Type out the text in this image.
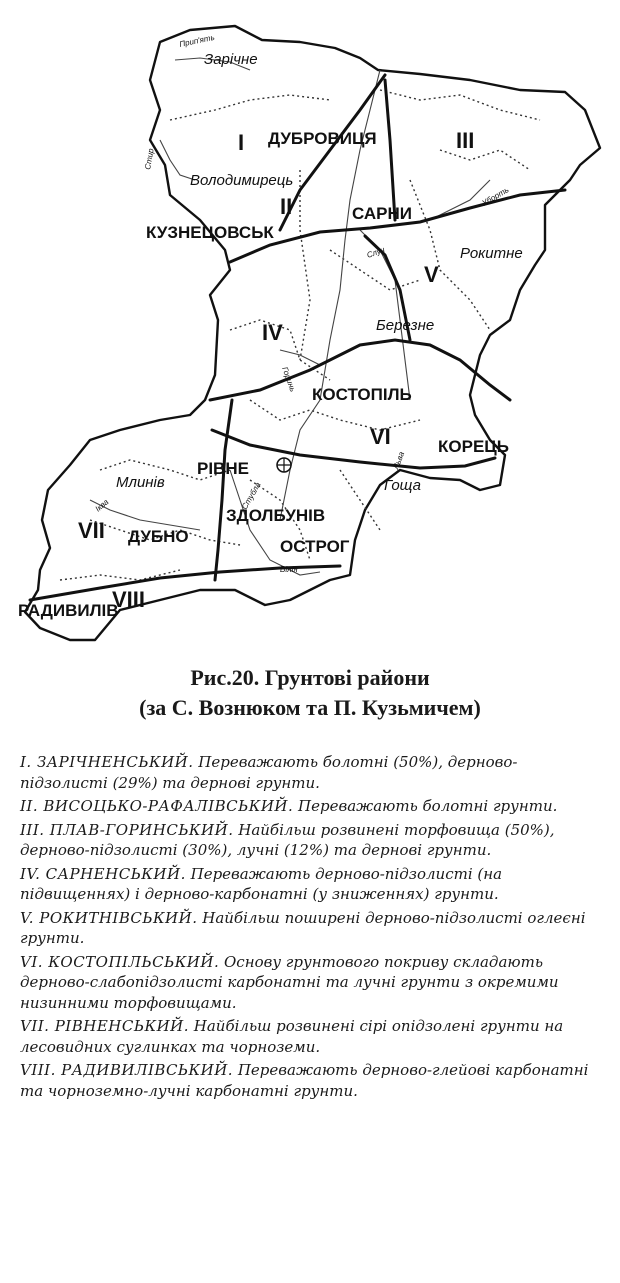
ДУБРОВИЦЯ
КУЗНЕЦОВСЬК
САРНИ
КОСТОПІЛЬ
КОРЕЦЬ
РІВНЕ
ЗДОЛБУНІВ
ОСТРОГ
ДУБНО
РАДИВИЛІВ
Зарічне
Володимирець
Рокитне
Березне
Гоща
Млинів
I
II
III
IV
V
VI
VII
VIII
Прип'ять
Горинь
Случ
Стир
Іква
Вілія
Уборть
Стубла
Львa
Рис.20. Грунтові райони
(за С. Вознюком та П. Кузьмичем)

I. ЗАРІЧНЕНСЬКИЙ. Переважають болотні (50%), дерново-підзолисті (29%) та дернові грунти.

II. ВИСОЦЬКО-РАФАЛІВСЬКИЙ. Переважають болотні грунти.

III. ПЛАВ-ГОРИНСЬКИЙ. Найбільш розвинені торфовища (50%), дерново-підзолисті (30%), лучні (12%) та дернові грунти.

IV. САРНЕНСЬКИЙ. Переважають дерново-підзолисті (на підвищеннях) і дерново-карбонатні (у зниженнях) грунти.

V. РОКИТНІВСЬКИЙ. Найбільш поширені дерново-підзолисті оглеєні грунти.

VI. КОСТОПІЛЬСЬКИЙ. Основу грунтового покриву складають дерново-слабопідзолисті карбонатні та лучні грунти з окремими низинними торфовищами.

VII. РІВНЕНСЬКИЙ. Найбільш розвинені сірі опідзолені грунти на лесовидних суглинках та чорноземи.

VIII. РАДИВИЛІВСЬКИЙ. Переважають дерново-глейові карбонатні та чорноземно-лучні карбонатні грунти.
